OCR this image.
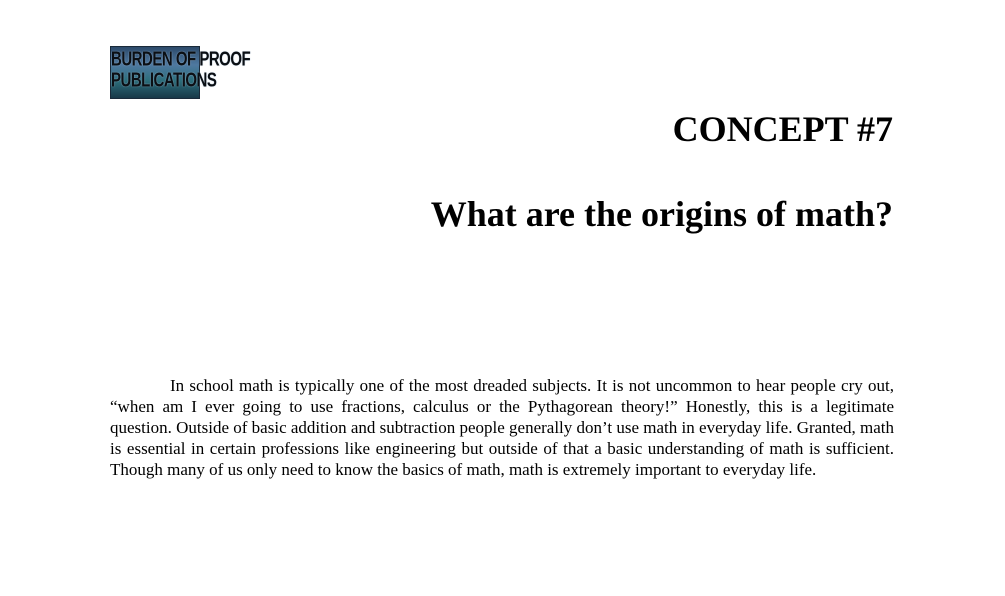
BURDEN OF PROOF
PUBLICATIONS
CONCEPT #7
What are the origins of math?

In school math is typically one of the most dreaded subjects. It is not uncommon to hear people cry out, “when am I ever going to use fractions, calculus or the Pythagorean theory!” Honestly, this is a legitimate question. Outside of basic addition and subtraction people generally don’t use math in everyday life. Granted, math is essential in certain professions like engineering but outside of that a basic understanding of math is sufficient. Though many of us only need to know the basics of math, math is extremely important to everyday life.
